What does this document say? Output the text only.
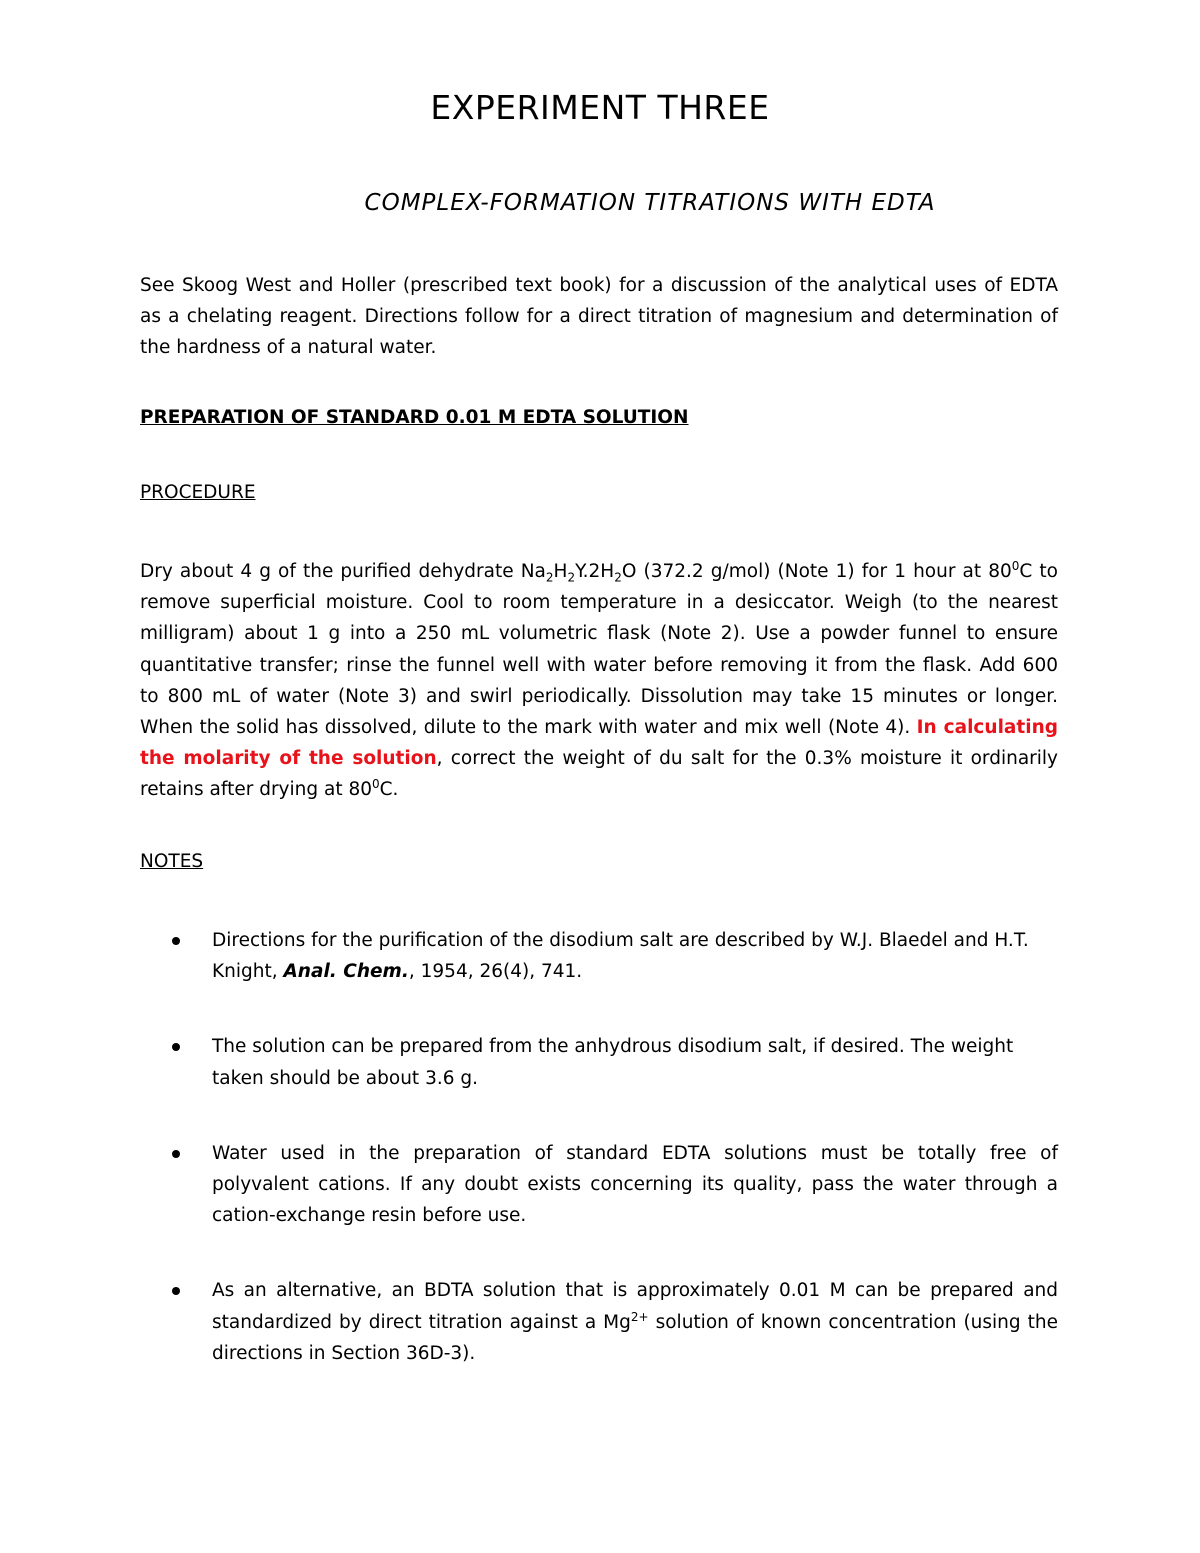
EXPERIMENT THREE
COMPLEX-FORMATION TITRATIONS WITH EDTA

See Skoog West and Holler (prescribed text book) for a discussion of the analytical uses of EDTA as a chelating reagent. Directions follow for a direct titration of magnesium and determination of the hardness of a natural water.

PREPARATION OF STANDARD 0.01 M EDTA SOLUTION
PROCEDURE

Dry about 4 g of the purified dehydrate $Na_2H_2Y.2H_2O$ (372.2 g/mol) (Note 1) for 1 hour at $80^0C$ to remove superficial moisture. Cool to room temperature in a desiccator. Weigh (to the nearest milligram) about 1 g into a 250 mL volumetric flask (Note 2). Use a powder funnel to ensure quantitative transfer; rinse the funnel well with water before removing it from the flask. Add 600 to 800 mL of water (Note 3) and swirl periodically. Dissolution may take 15 minutes or longer. When the solid has dissolved, dilute to the mark with water and mix well (Note 4). In calculating the molarity of the solution, correct the weight of du salt for the 0.3% moisture it ordinarily retains after drying at $80^0C$.

NOTES
Directions for the purification of the disodium salt are described by W.J. Blaedel and H.T. Knight, Anal. Chem., 1954, 26(4), 741.
The solution can be prepared from the anhydrous disodium salt, if desired. The weight taken should be about 3.6 g.
Water used in the preparation of standard EDTA solutions must be totally free of polyvalent cations. If any doubt exists concerning its quality, pass the water through a cation-exchange resin before use.
As an alternative, an BDTA solution that is approximately 0.01 M can be prepared and standardized by direct titration against a $Mg^{2+}$ solution of known concentration (using the directions in Section 36D-3).
